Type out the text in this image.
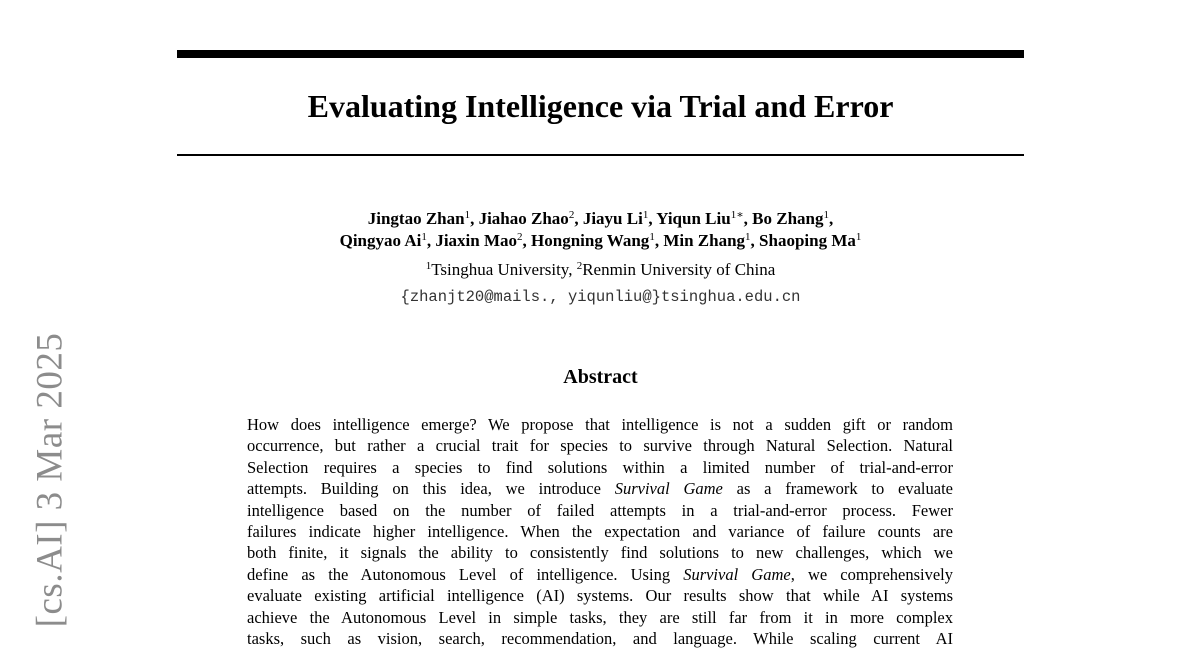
Evaluating Intelligence via Trial and Error
Jingtao Zhan$^1$, Jiahao Zhao$^2$, Jiayu Li$^1$, Yiqun Liu$^{1∗}$, Bo Zhang$^1$,
Qingyao Ai$^1$, Jiaxin Mao$^2$, Hongning Wang$^1$, Min Zhang$^1$, Shaoping Ma$^1$
$^1$Tsinghua University, $^2$Renmin University of China
{zhanjt20@mails., yiqunliu@}tsinghua.edu.cn
Abstract
How does intelligence emerge? We propose that intelligence is not a sudden gift or random
occurrence, but rather a crucial trait for species to survive through Natural Selection. Natural
Selection requires a species to find solutions within a limited number of trial-and-error
attempts. Building on this idea, we introduce Survival Game as a framework to evaluate
intelligence based on the number of failed attempts in a trial-and-error process. Fewer
failures indicate higher intelligence. When the expectation and variance of failure counts are
both finite, it signals the ability to consistently find solutions to new challenges, which we
define as the Autonomous Level of intelligence. Using Survival Game, we comprehensively
evaluate existing artificial intelligence (AI) systems. Our results show that while AI systems
achieve the Autonomous Level in simple tasks, they are still far from it in more complex
tasks, such as vision, search, recommendation, and language. While scaling current AI
[cs.AI] 3 Mar 2025
